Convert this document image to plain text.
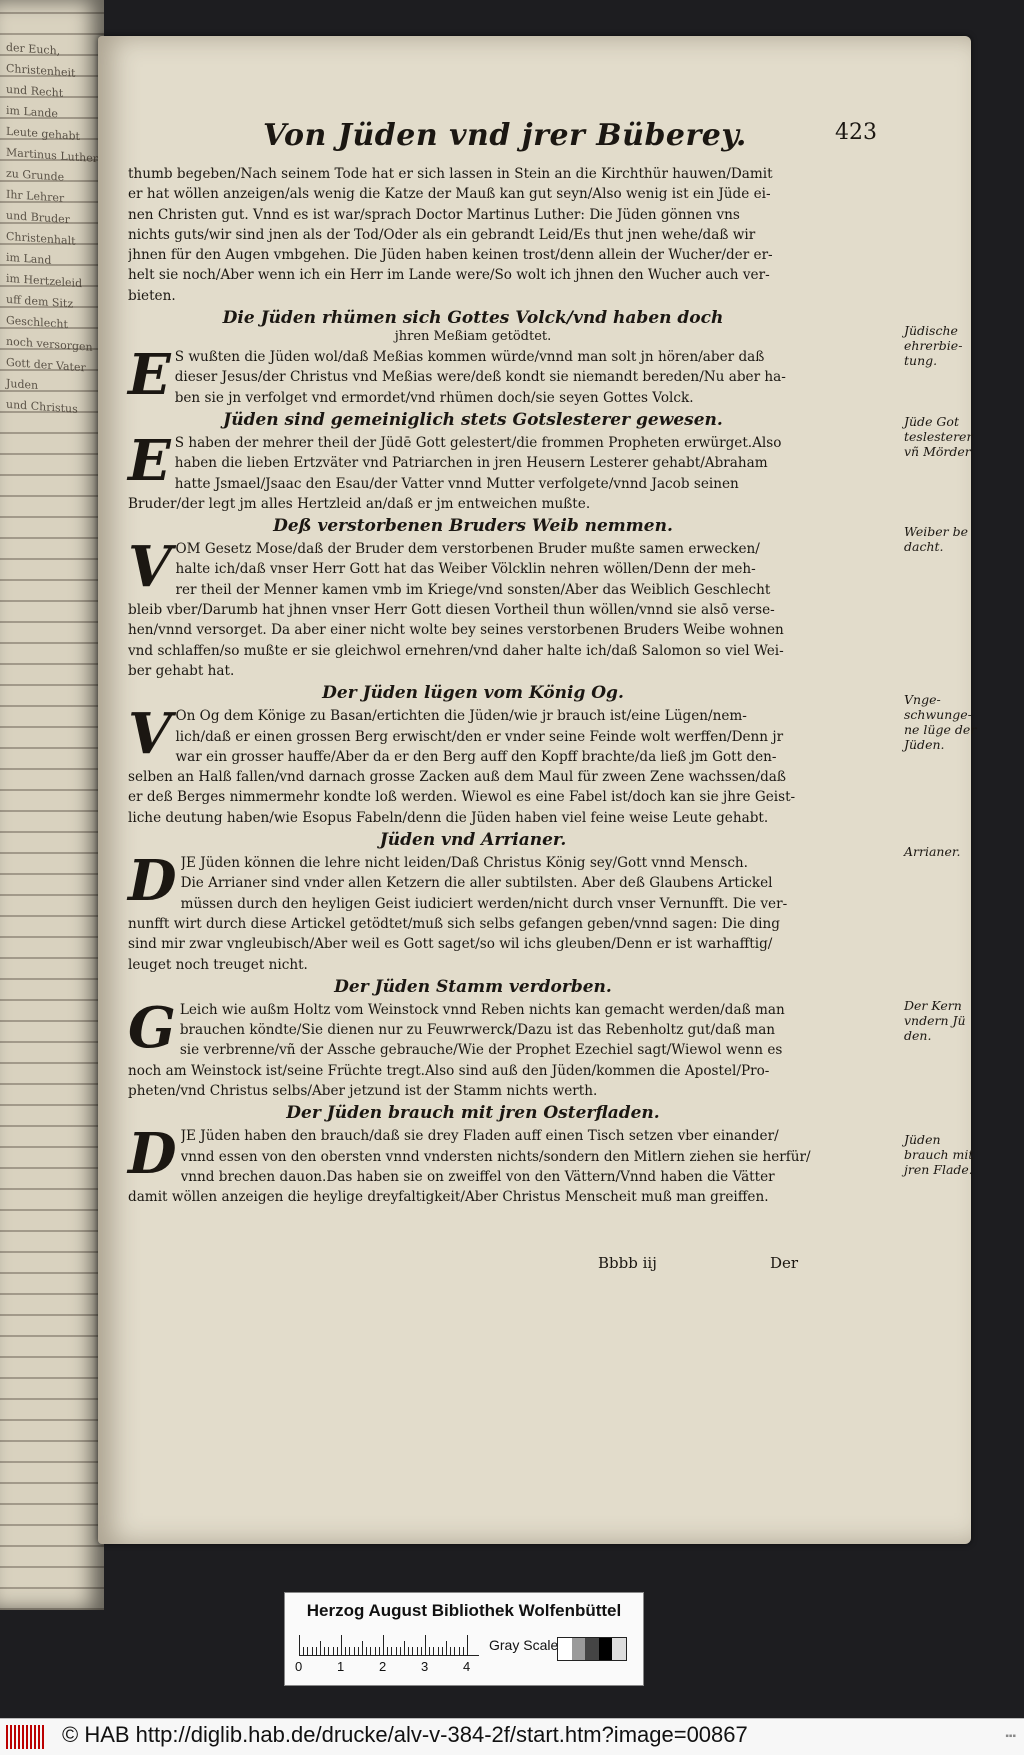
der Euch,
Christenheit
und Recht
im Lande
Leute gehabt
Martinus Luther
zu Grunde
Ihr Lehrer
und Bruder
Christenhalt
im Land
im Hertzeleid
uff dem Sitz
Geschlecht
noch versorgen
Gott der Vater
Juden
und Christus
Von Jüden vnd jrer Büberey.	423
thumb begeben/Nach seinem Tode hat er sich lassen in Stein an die Kirchthür hauwen/Damit
er hat wöllen anzeigen/als wenig die Katze der Mauß kan gut seyn/Also wenig ist ein Jüde ei-
nen Christen gut. Vnnd es ist war/sprach Doctor Martinus Luther: Die Jüden gönnen vns
nichts guts/wir sind jnen als der Tod/Oder als ein gebrandt Leid/Es thut jnen wehe/daß wir
jhnen für den Augen vmbgehen. Die Jüden haben keinen trost/denn allein der Wucher/der er-
helt sie noch/Aber wenn ich ein Herr im Lande were/So wolt ich jhnen den Wucher auch ver-
bieten.
Die Jüden rhümen sich Gottes Volck/vnd haben doch
jhren Meßiam getödtet.
E S wußten die Jüden wol/daß Meßias kommen würde/vnnd man solt jn hören/aber daß
dieser Jesus/der Christus vnd Meßias were/deß kondt sie niemandt bereden/Nu aber ha-
ben sie jn verfolget vnd ermordet/vnd rhümen doch/sie seyen Gottes Volck.
Jüden sind gemeiniglich stets Gotslesterer gewesen.
E S haben der mehrer theil der Jüdē Gott gelestert/die frommen Propheten erwürget.Also
haben die lieben Ertzväter vnd Patriarchen in jren Heusern Lesterer gehabt/Abraham
hatte Jsmael/Jsaac den Esau/der Vatter vnnd Mutter verfolgete/vnnd Jacob seinen
Bruder/der legt jm alles Hertzleid an/daß er jm entweichen mußte.
Deß verstorbenen Bruders Weib nemmen.
V OM Gesetz Mose/daß der Bruder dem verstorbenen Bruder mußte samen erwecken/
halte ich/daß vnser Herr Gott hat das Weiber Völcklin nehren wöllen/Denn der meh-
rer theil der Menner kamen vmb im Kriege/vnd sonsten/Aber das Weiblich Geschlecht
bleib vber/Darumb hat jhnen vnser Herr Gott diesen Vortheil thun wöllen/vnnd sie alsō verse-
hen/vnnd versorget. Da aber einer nicht wolte bey seines verstorbenen Bruders Weibe wohnen
vnd schlaffen/so mußte er sie gleichwol ernehren/vnd daher halte ich/daß Salomon so viel Wei-
ber gehabt hat.
Der Jüden lügen vom König Og.
V On Og dem Könige zu Basan/ertichten die Jüden/wie jr brauch ist/eine Lügen/nem-
lich/daß er einen grossen Berg erwischt/den er vnder seine Feinde wolt werffen/Denn jr
war ein grosser hauffe/Aber da er den Berg auff den Kopff brachte/da ließ jm Gott den-
selben an Halß fallen/vnd darnach grosse Zacken auß dem Maul für zween Zene wachssen/daß
er deß Berges nimmermehr kondte loß werden. Wiewol es eine Fabel ist/doch kan sie jhre Geist-
liche deutung haben/wie Esopus Fabeln/denn die Jüden haben viel feine weise Leute gehabt.
Jüden vnd Arrianer.
D JE Jüden können die lehre nicht leiden/Daß Christus König sey/Gott vnnd Mensch.
Die Arrianer sind vnder allen Ketzern die aller subtilsten. Aber deß Glaubens Artickel
müssen durch den heyligen Geist iudiciert werden/nicht durch vnser Vernunfft. Die ver-
nunfft wirt durch diese Artickel getödtet/muß sich selbs gefangen geben/vnnd sagen: Die ding
sind mir zwar vngleubisch/Aber weil es Gott saget/so wil ichs gleuben/Denn er ist warhafftig/
leuget noch treuget nicht.
Der Jüden Stamm verdorben.
G Leich wie außm Holtz vom Weinstock vnnd Reben nichts kan gemacht werden/daß man
brauchen köndte/Sie dienen nur zu Feuwrwerck/Dazu ist das Rebenholtz gut/daß man
sie verbrenne/vñ der Assche gebrauche/Wie der Prophet Ezechiel sagt/Wiewol wenn es
noch am Weinstock ist/seine Früchte tregt.Also sind auß den Jüden/kommen die Apostel/Pro-
pheten/vnd Christus selbs/Aber jetzund ist der Stamm nichts werth.
Der Jüden brauch mit jren Osterfladen.
D JE Jüden haben den brauch/daß sie drey Fladen auff einen Tisch setzen vber einander/
vnnd essen von den obersten vnnd vndersten nichts/sondern den Mitlern ziehen sie herfür/
vnnd brechen dauon.Das haben sie on zweiffel von den Vättern/Vnnd haben die Vätter
damit wöllen anzeigen die heylige dreyfaltigkeit/Aber Christus Menscheit muß man greiffen.
Jüdische ehrerbie- tung.
Jüde Got teslesterer vñ Mörder
Weiber be dacht.
Vnge- schwunge- ne lüge der Jüden.
Arrianer.
Der Kern vndern Jü den.
Jüden brauch mit jren Flade.
Bbbb iij	Der
Herzog August Bibliothek Wolfenbüttel
0	1	2	3	4
Gray Scale
© HAB http://diglib.hab.de/drucke/alv-v-384-2f/start.htm?image=00867	▪▪▪
